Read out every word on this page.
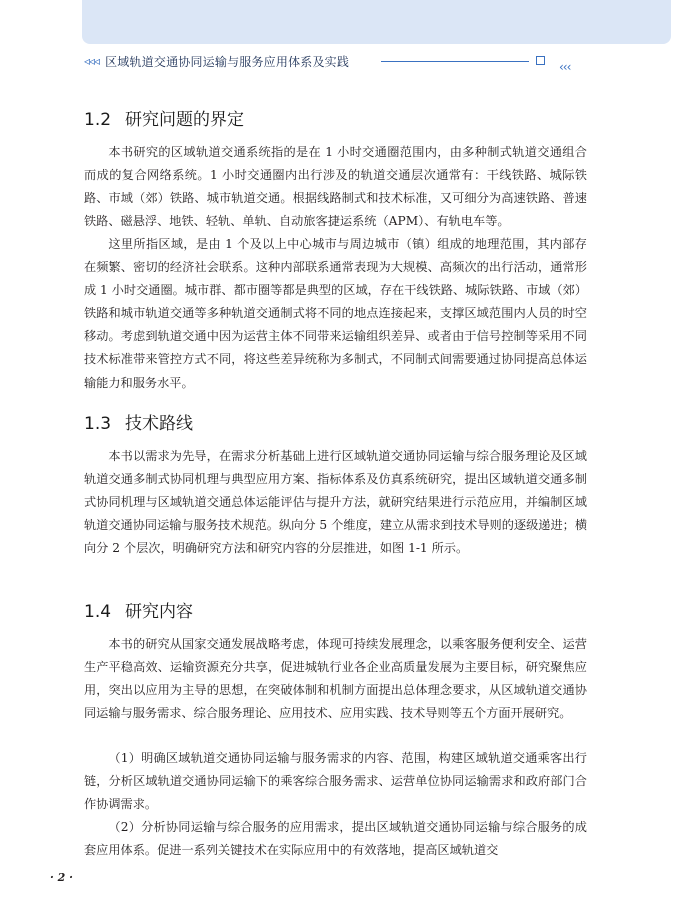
◃◃◃ 区域轨道交通协同运输与服务应用体系及实践	‹‹‹
1.2 研究问题的界定

本书研究的区域轨道交通系统指的是在 1 小时交通圈范围内，由多种制式轨道交通组合而成的复合网络系统。1 小时交通圈内出行涉及的轨道交通层次通常有：干线铁路、城际铁路、市域（郊）铁路、城市轨道交通。根据线路制式和技术标准，又可细分为高速铁路、普速铁路、磁悬浮、地铁、轻轨、单轨、自动旅客捷运系统（APM）、有轨电车等。

这里所指区域，是由 1 个及以上中心城市与周边城市（镇）组成的地理范围，其内部存在频繁、密切的经济社会联系。这种内部联系通常表现为大规模、高频次的出行活动，通常形成 1 小时交通圈。城市群、都市圈等都是典型的区域，存在干线铁路、城际铁路、市域（郊）铁路和城市轨道交通等多种轨道交通制式将不同的地点连接起来，支撑区域范围内人员的时空移动。考虑到轨道交通中因为运营主体不同带来运输组织差异、或者由于信号控制等采用不同技术标准带来管控方式不同，将这些差异统称为多制式，不同制式间需要通过协同提高总体运输能力和服务水平。

1.3 技术路线

本书以需求为先导，在需求分析基础上进行区域轨道交通协同运输与综合服务理论及区域轨道交通多制式协同机理与典型应用方案、指标体系及仿真系统研究，提出区域轨道交通多制式协同机理与区域轨道交通总体运能评估与提升方法，就研究结果进行示范应用，并编制区域轨道交通协同运输与服务技术规范。纵向分 5 个维度，建立从需求到技术导则的逐级递进；横向分 2 个层次，明确研究方法和研究内容的分层推进，如图 1-1 所示。

1.4 研究内容

本书的研究从国家交通发展战略考虑，体现可持续发展理念，以乘客服务便利安全、运营生产平稳高效、运输资源充分共享，促进城轨行业各企业高质量发展为主要目标，研究聚焦应用，突出以应用为主导的思想，在突破体制和机制方面提出总体理念要求，从区域轨道交通协同运输与服务需求、综合服务理论、应用技术、应用实践、技术导则等五个方面开展研究。

（1）明确区域轨道交通协同运输与服务需求的内容、范围，构建区域轨道交通乘客出行链，分析区域轨道交通协同运输下的乘客综合服务需求、运营单位协同运输需求和政府部门合作协调需求。

（2）分析协同运输与综合服务的应用需求，提出区域轨道交通协同运输与综合服务的成套应用体系。促进一系列关键技术在实际应用中的有效落地，提高区域轨道交

· 2 ·
